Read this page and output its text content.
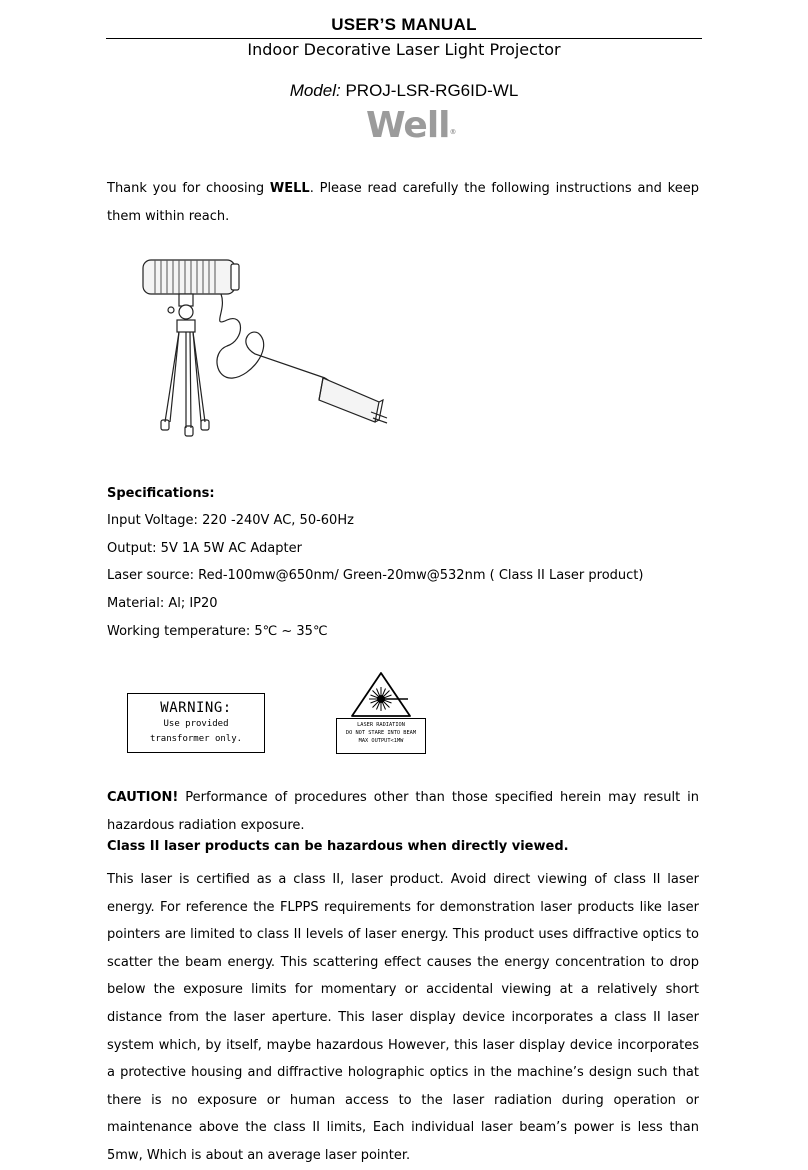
USER’S MANUAL
Indoor Decorative Laser Light Projector
Model: PROJ-LSR-RG6ID-WL
Well®
Thank you for choosing WELL. Please read carefully the following instructions and keep them within reach.
Specifications:
Input Voltage: 220 -240V AC, 50-60Hz
Output: 5V 1A 5W AC Adapter
Laser source: Red-100mw@650nm/ Green-20mw@532nm ( Class II Laser product)
Material: Al; IP20
Working temperature: 5℃ ~ 35℃
WARNING:
Use provided
transformer only.
LASER RADIATION
DO NOT STARE INTO BEAM
MAX OUTPUT<1MW
CAUTION! Performance of procedures other than those specified herein may result in hazardous radiation exposure.
Class II laser products can be hazardous when directly viewed.
This laser is certified as a class II, laser product. Avoid direct viewing of class II laser energy. For reference the FLPPS requirements for demonstration laser products like laser pointers are limited to class II levels of laser energy. This product uses diffractive optics to scatter the beam energy. This scattering effect causes the energy concentration to drop below the exposure limits for momentary or accidental viewing at a relatively short distance from the laser aperture. This laser display device incorporates a class II laser system which, by itself, maybe hazardous However, this laser display device incorporates a protective housing and diffractive holographic optics in the machine’s design such that there is no exposure or human access to the laser radiation during operation or maintenance above the class II limits, Each individual laser beam’s power is less than 5mw, Which is about an average laser pointer.
